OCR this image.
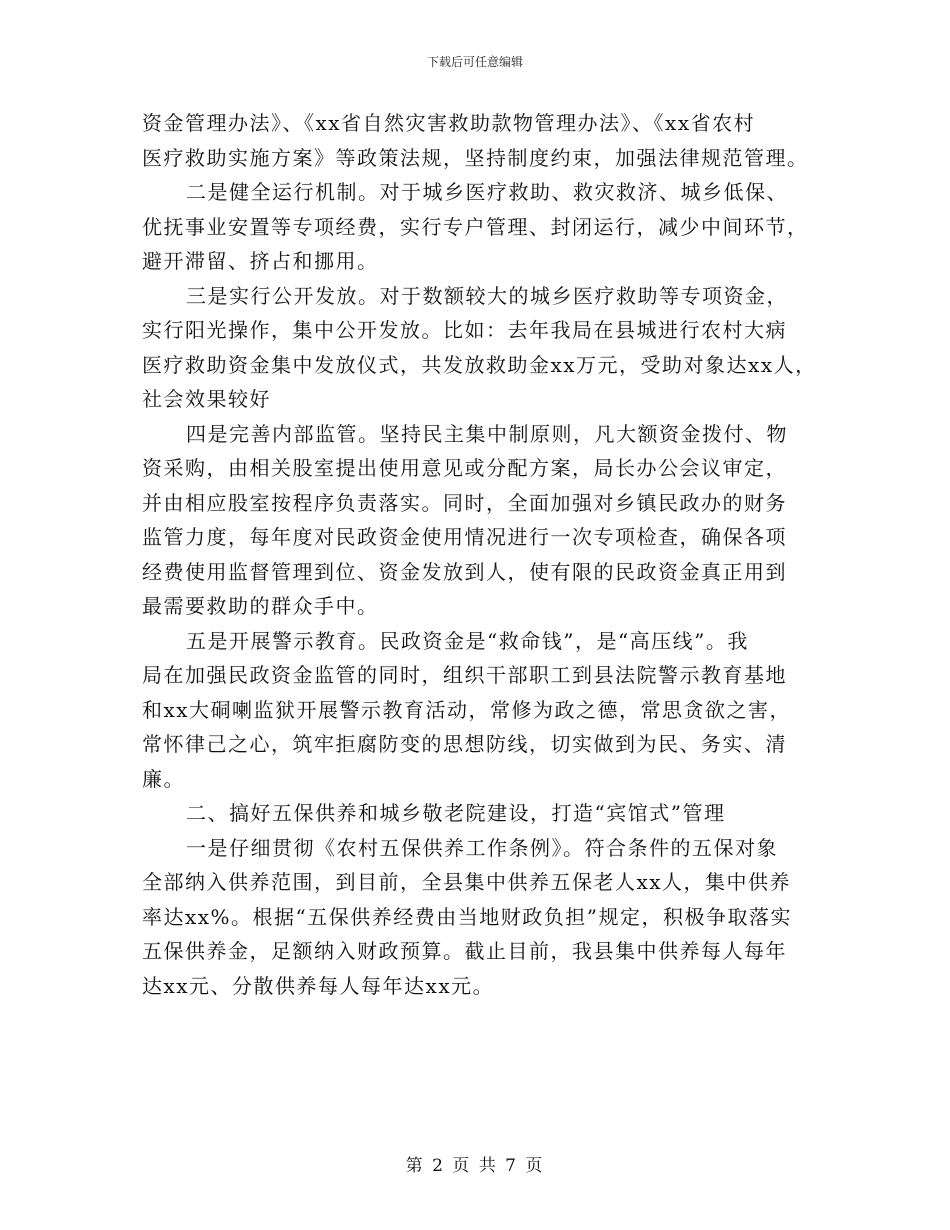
下载后可任意编辑
资金管理办法》、《xx省自然灾害救助款物管理办法》、《xx省农村
医疗救助实施方案》等政策法规，坚持制度约束，加强法律规范管理。
二是健全运行机制。对于城乡医疗救助、救灾救济、城乡低保、
优抚事业安置等专项经费，实行专户管理、封闭运行，减少中间环节，
避开滞留、挤占和挪用。
三是实行公开发放。对于数额较大的城乡医疗救助等专项资金，
实行阳光操作，集中公开发放。比如：去年我局在县城进行农村大病
医疗救助资金集中发放仪式，共发放救助金xx万元，受助对象达xx人，
社会效果较好
四是完善内部监管。坚持民主集中制原则，凡大额资金拨付、物
资采购，由相关股室提出使用意见或分配方案，局长办公会议审定，
并由相应股室按程序负责落实。同时，全面加强对乡镇民政办的财务
监管力度，每年度对民政资金使用情况进行一次专项检查，确保各项
经费使用监督管理到位、资金发放到人，使有限的民政资金真正用到
最需要救助的群众手中。
五是开展警示教育。民政资金是“救命钱”，是“高压线”。我
局在加强民政资金监管的同时，组织干部职工到县法院警示教育基地
和xx大硐喇监狱开展警示教育活动，常修为政之德，常思贪欲之害，
常怀律己之心，筑牢拒腐防变的思想防线，切实做到为民、务实、清
廉。
二、搞好五保供养和城乡敬老院建设，打造“宾馆式”管理
一是仔细贯彻《农村五保供养工作条例》。符合条件的五保对象
全部纳入供养范围，到目前，全县集中供养五保老人xx人，集中供养
率达xx%。根据“五保供养经费由当地财政负担”规定，积极争取落实
五保供养金，足额纳入财政预算。截止目前，我县集中供养每人每年
达xx元、分散供养每人每年达xx元。
第 2 页 共 7 页
